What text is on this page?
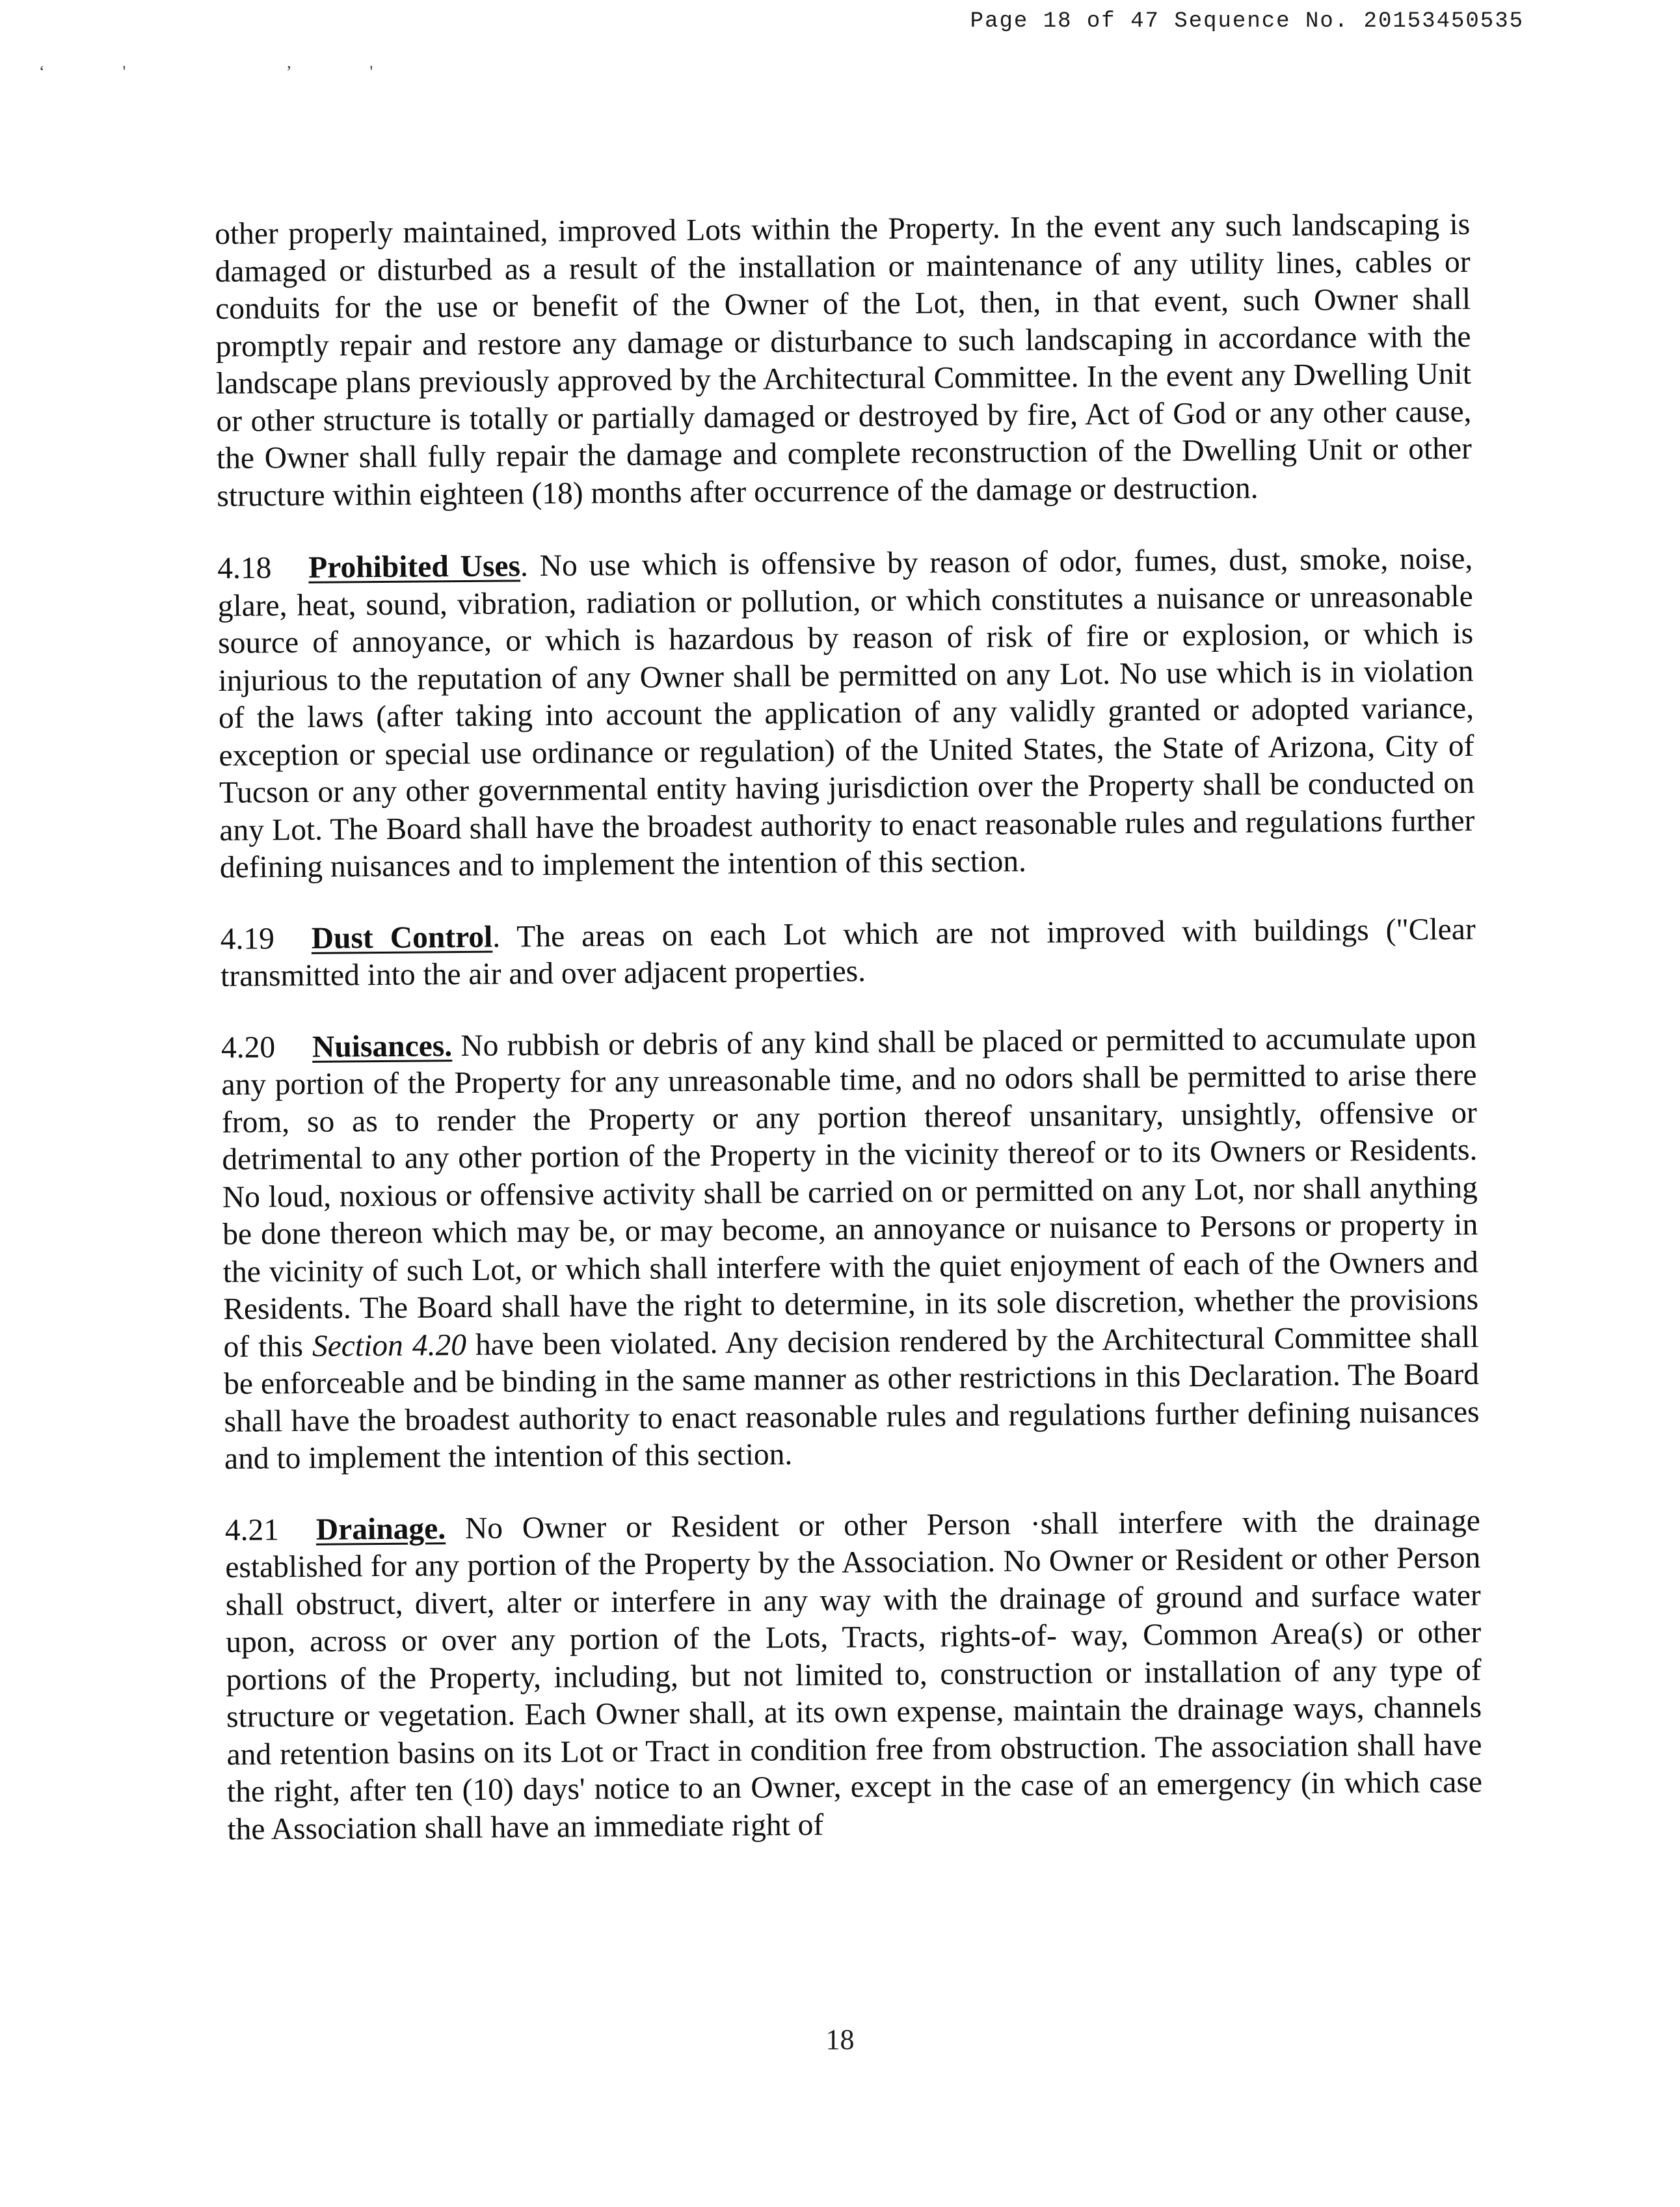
Page 18 of 47 Sequence No. 20153450535
‘' ’'

other properly maintained, improved Lots within the Property. In the event any such landscaping is damaged or disturbed as a result of the installation or maintenance of any utility lines, cables or conduits for the use or benefit of the Owner of the Lot, then, in that event, such Owner shall promptly repair and restore any damage or disturbance to such landscaping in accordance with the landscape plans previously approved by the Architectural Committee. In the event any Dwelling Unit or other structure is totally or partially damaged or destroyed by fire, Act of God or any other cause, the Owner shall fully repair the damage and complete reconstruction of the Dwelling Unit or other structure within eighteen (18) months after occurrence of the damage or destruction.

4.18 Prohibited Uses. No use which is offensive by reason of odor, fumes, dust, smoke, noise, glare, heat, sound, vibration, radiation or pollution, or which constitutes a nuisance or unreasonable source of annoyance, or which is hazardous by reason of risk of fire or explosion, or which is injurious to the reputation of any Owner shall be permitted on any Lot. No use which is in violation of the laws (after taking into account the application of any validly granted or adopted variance, exception or special use ordinance or regulation) of the United States, the State of Arizona, City of Tucson or any other governmental entity having jurisdiction over the Property shall be conducted on any Lot. The Board shall have the broadest authority to enact reasonable rules and regulations further defining nuisances and to implement the intention of this section.

4.19 Dust Control. The areas on each Lot which are not improved with buildings ("Clear transmitted into the air and over adjacent properties.

4.20 Nuisances. No rubbish or debris of any kind shall be placed or permitted to accumulate upon any portion of the Property for any unreasonable time, and no odors shall be permitted to arise there from, so as to render the Property or any portion thereof unsanitary, unsightly, offensive or detrimental to any other portion of the Property in the vicinity thereof or to its Owners or Residents. No loud, noxious or offensive activity shall be carried on or permitted on any Lot, nor shall anything be done thereon which may be, or may become, an annoyance or nuisance to Persons or property in the vicinity of such Lot, or which shall interfere with the quiet enjoyment of each of the Owners and Residents. The Board shall have the right to determine, in its sole discretion, whether the provisions of this Section 4.20 have been violated. Any decision rendered by the Architectural Committee shall be enforceable and be binding in the same manner as other restrictions in this Declaration. The Board shall have the broadest authority to enact reasonable rules and regulations further defining nuisances and to implement the intention of this section.

4.21 Drainage. No Owner or Resident or other Person ·shall interfere with the drainage established for any portion of the Property by the Association. No Owner or Resident or other Person shall obstruct, divert, alter or interfere in any way with the drainage of ground and surface water upon, across or over any portion of the Lots, Tracts, rights-of- way, Common Area(s) or other portions of the Property, including, but not limited to, construction or installation of any type of structure or vegetation. Each Owner shall, at its own expense, maintain the drainage ways, channels and retention basins on its Lot or Tract in condition free from obstruction. The association shall have the right, after ten (10) days' notice to an Owner, except in the case of an emergency (in which case the Association shall have an immediate right of

18
